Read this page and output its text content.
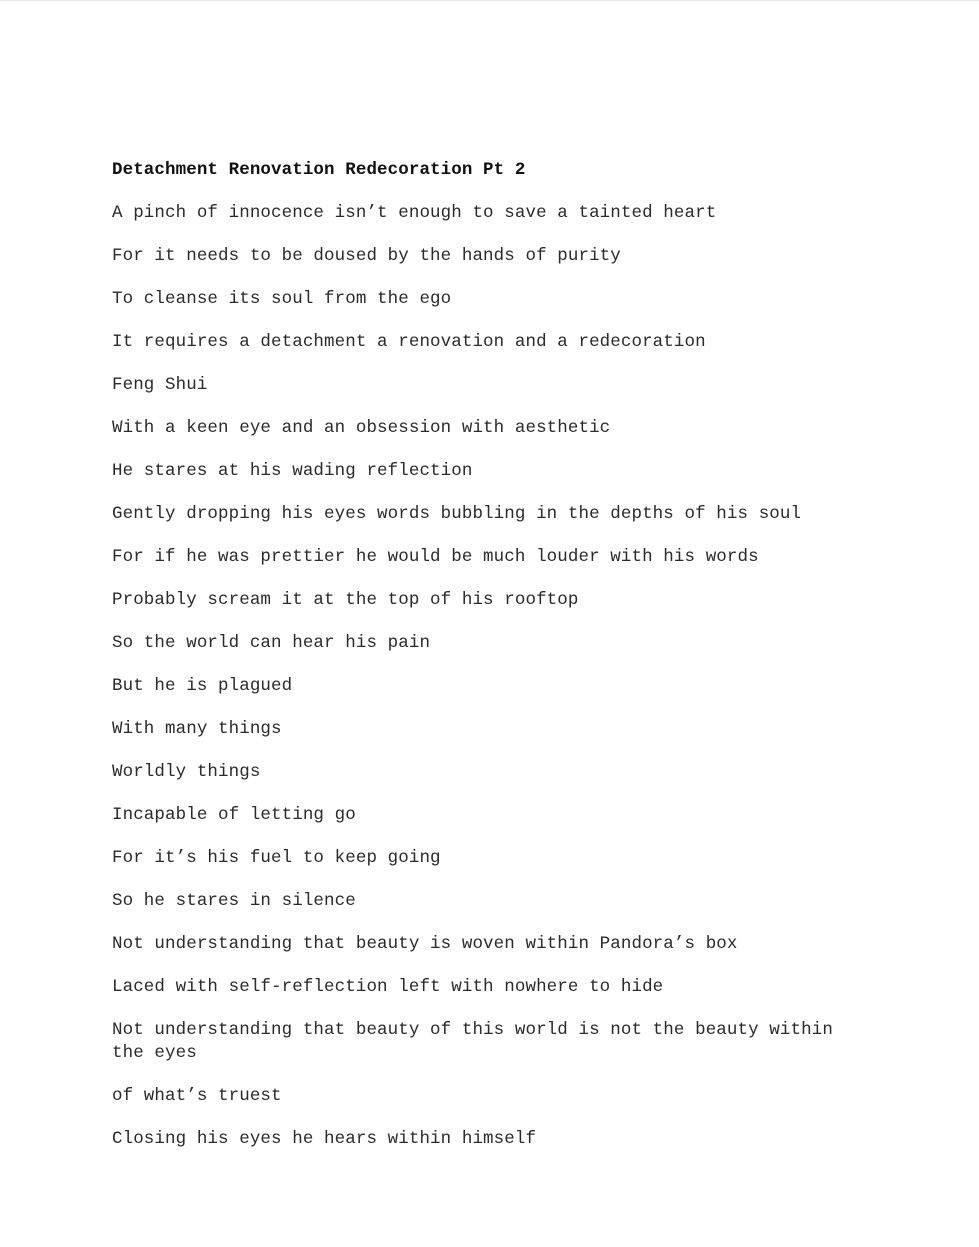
Detachment Renovation Redecoration Pt 2

A pinch of innocence isn’t enough to save a tainted heart

For it needs to be doused by the hands of purity

To cleanse its soul from the ego

It requires a detachment a renovation and a redecoration

Feng Shui

With a keen eye and an obsession with aesthetic

He stares at his wading reflection

Gently dropping his eyes words bubbling in the depths of his soul

For if he was prettier he would be much louder with his words

Probably scream it at the top of his rooftop

So the world can hear his pain

But he is plagued

With many things

Worldly things

Incapable of letting go

For it’s his fuel to keep going

So he stares in silence

Not understanding that beauty is woven within Pandora’s box

Laced with self-reflection left with nowhere to hide

Not understanding that beauty of this world is not the beauty within
the eyes

of what’s truest

Closing his eyes he hears within himself
